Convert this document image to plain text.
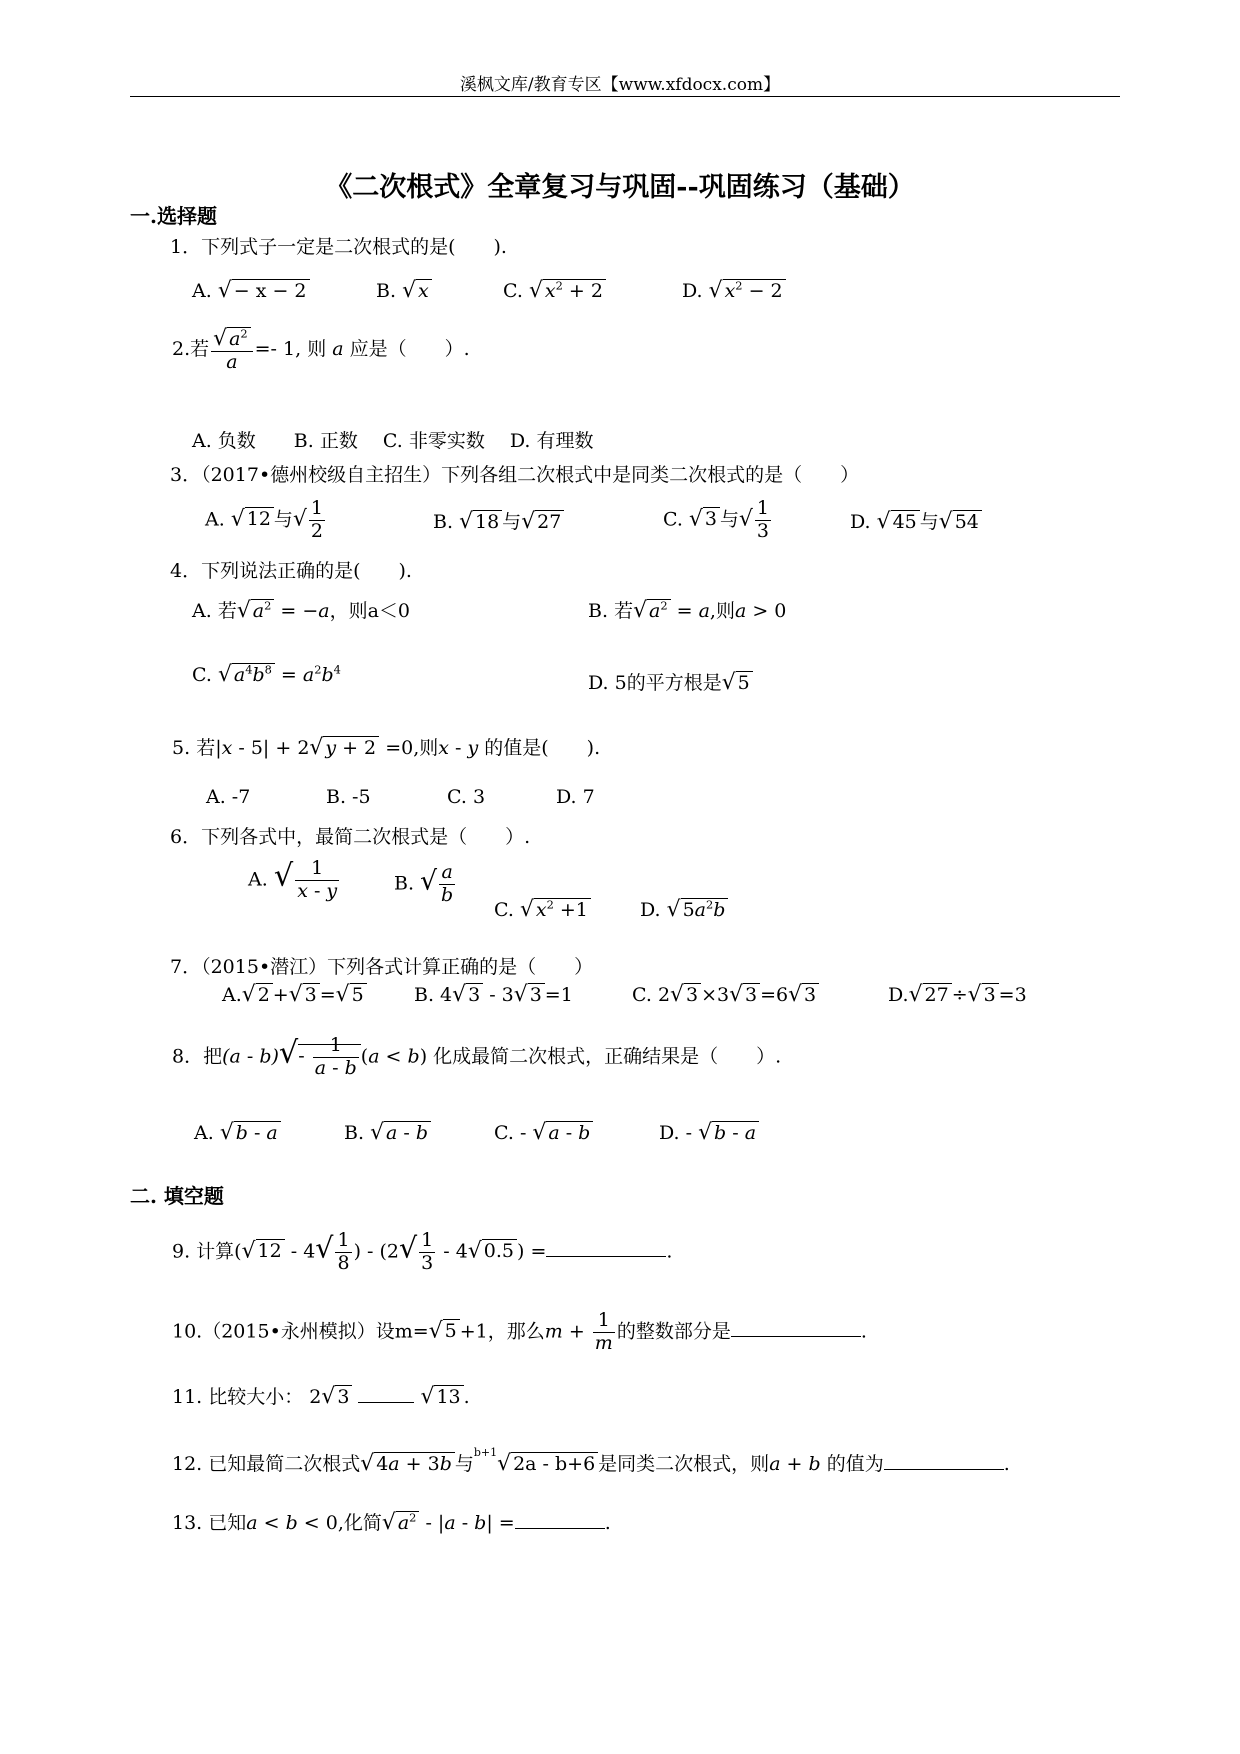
溪枫文库/教育专区【www.xfdocx.com】
《二次根式》全章复习与巩固--巩固练习（基础）
一.选择题
1．下列式子一定是二次根式的是(　　).
A. √ − x − 2	B. √ x	C. √ $x^2 + 2$	D. √ $x^2 - 2$
2.若 $\frac{√ a^2}{a} =- 1$, 则 a 应是（　　）.
A. 负数　　B. 正数　 C. 非零实数　 D. 有理数
3．（2017•德州校级自主招生）下列各组二次根式中是同类二次根式的是（　　）
A. √ 12 与√ $\frac{1}{2}$	B. √ 18 与√ 27	C. √ 3 与√ $\frac{1}{3}$	D. √ 45 与√ 54
4．下列说法正确的是(　　).
A. 若√ $a^2 = -a$，则a＜0	B. 若√ $a^2 = a$,则a > 0
C. √ $a^4b^8 = a^2b^4$
D. 5的平方根是√ 5
5. 若|x - 5| + 2√ y + 2 =0,则x - y 的值是(　　).
A. -7	B. -5	C. 3	D. 7
6．下列各式中，最简二次根式是（　　）.
A. √ $\frac{1}{x - y}$	B. √ $\frac{a}{b}$
C. √ $x^2 +1$	D. √ $5a^2b$
7．（2015•潜江）下列各式计算正确的是（　　）
A.√ 2 +√ 3 =√ 5	B. 4√ 3 - 3√ 3 =1	C. 2√ 3 ×3√ 3 =6√ 3	D.√ 27 ÷√ 3 =3
8．把$(a - b)√- \frac{1}{a - b} (a < b)$ 化成最简二次根式，正确结果是（　　）.
A. √ b - a	B. √ a - b	C. - √ a - b	D. - √ b - a
二. 填空题
9. 计算(√ $12 - 4√ \frac{1}{8}$ ) - ($2√ \frac{1}{3} - 4√$ 0.5 ) =	.
10.（2015•永州模拟）设m=√ 5 +1，那么$m + \frac{1}{m}$ 的整数部分是	.
11. 比较大小： 2√ 3	√ 13 .
12. 已知最简二次根式√ 4a + 3b 与$^{b+1}$√ 2a - b+6 是同类二次根式，则a + b 的值为	.
13. 已知a < b < 0,化简√ $a^2 - |a - b|$ =	.
